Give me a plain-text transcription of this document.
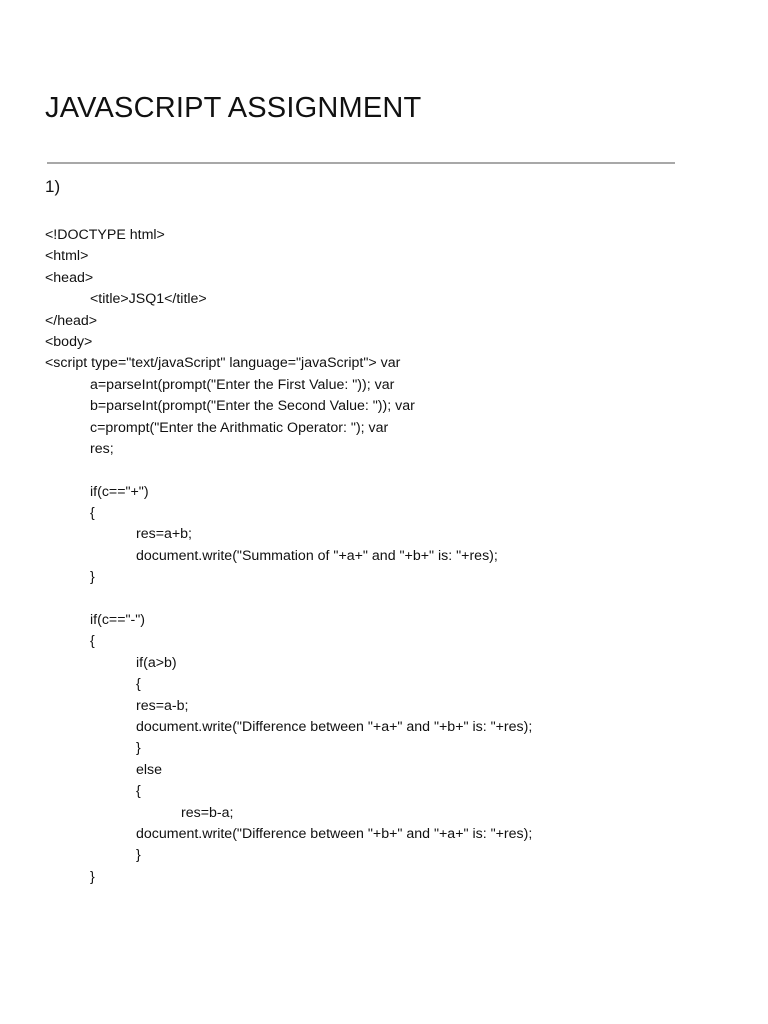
JAVASCRIPT ASSIGNMENT
1)
<!DOCTYPE html>
<html>
<head>
<title>JSQ1</title>
</head>
<body>
<script type="text/javaScript" language="javaScript"> var
a=parseInt(prompt("Enter the First Value: ")); var
b=parseInt(prompt("Enter the Second Value: ")); var
c=prompt("Enter the Arithmatic Operator: "); var
res;
if(c=="+")
{
res=a+b;
document.write("Summation of "+a+" and "+b+" is: "+res);
}
if(c=="-")
{
if(a>b)
{
res=a-b;
document.write("Difference between "+a+" and "+b+" is: "+res);
}
else
{
res=b-a;
document.write("Difference between "+b+" and "+a+" is: "+res);
}
}
